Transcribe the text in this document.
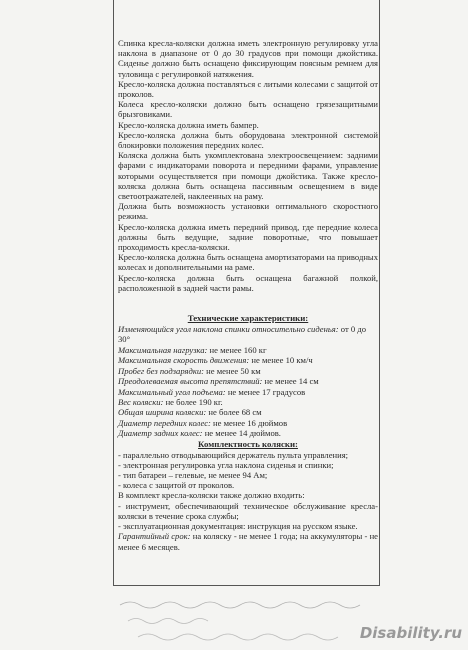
Спинка кресла-коляски должна иметь электронную регулировку угла наклона в диапазоне от 0 до 30 градусов при помощи джойстика. Сиденье должно быть оснащено фиксирующим поясным ремнем для туловища с регулировкой натяжения.

Кресло-коляска должна поставляться с литыми колесами с защитой от проколов.

Колеса кресло-коляски должно быть оснащено грязезащитными брызговиками.

Кресло-коляска должна иметь бампер.

Кресло-коляска должна быть оборудована электронной системой блокировки положения передних колес.

Коляска должна быть укомплектована электроосвещением: задними фарами с индикаторами поворота и передними фарами, управление которыми осуществляется при помощи джойстика. Также кресло-коляска должна быть оснащена пассивным освещением в виде светоотражателей, наклеенных на раму.

Должна быть возможность установки оптимального скоростного режима.

Кресло-коляска должна иметь передний привод, где передние колеса должны быть ведущие, задние поворотные, что повышает проходимость кресла-коляски.

Кресло-коляска должна быть оснащена амортизаторами на приводных колесах и дополнительными на раме.

Кресло-коляска должна быть оснащена багажной полкой, расположенной в задней части рамы.

Технические характеристики:

Изменяющийся угол наклона спинки относительно сиденья: от 0 до 30°

Максимальная нагрузка: не менее 160 кг

Максимальная скорость движения: не менее 10 км/ч

Пробег без подзарядки: не менее 50 км

Преодолеваемая высота препятствий: не менее 14 см

Максимальный угол подъема: не менее 17 градусов

Вес коляски: не более 190 кг.

Общая ширина коляски: не более 68 см

Диаметр передних колес: не менее 16 дюймов

Диаметр задних колес: не менее 14 дюймов.

Комплектность коляски:

- параллельно отводывающийся держатель пульта управления;

- электронная регулировка угла наклона сиденья и спинки;

- тип батареи – гелевые, не менее 94 Ам;

- колеса с защитой от проколов.

В комплект кресла-коляски также должно входить:

- инструмент, обеспечивающий техническое обслуживание кресла-коляски в течение срока службы;

- эксплуатационная документация: инструкция на русском языке.

Гарантийный срок: на коляску - не менее 1 года; на аккумуляторы - не менее 6 месяцев.

Disability.ru
